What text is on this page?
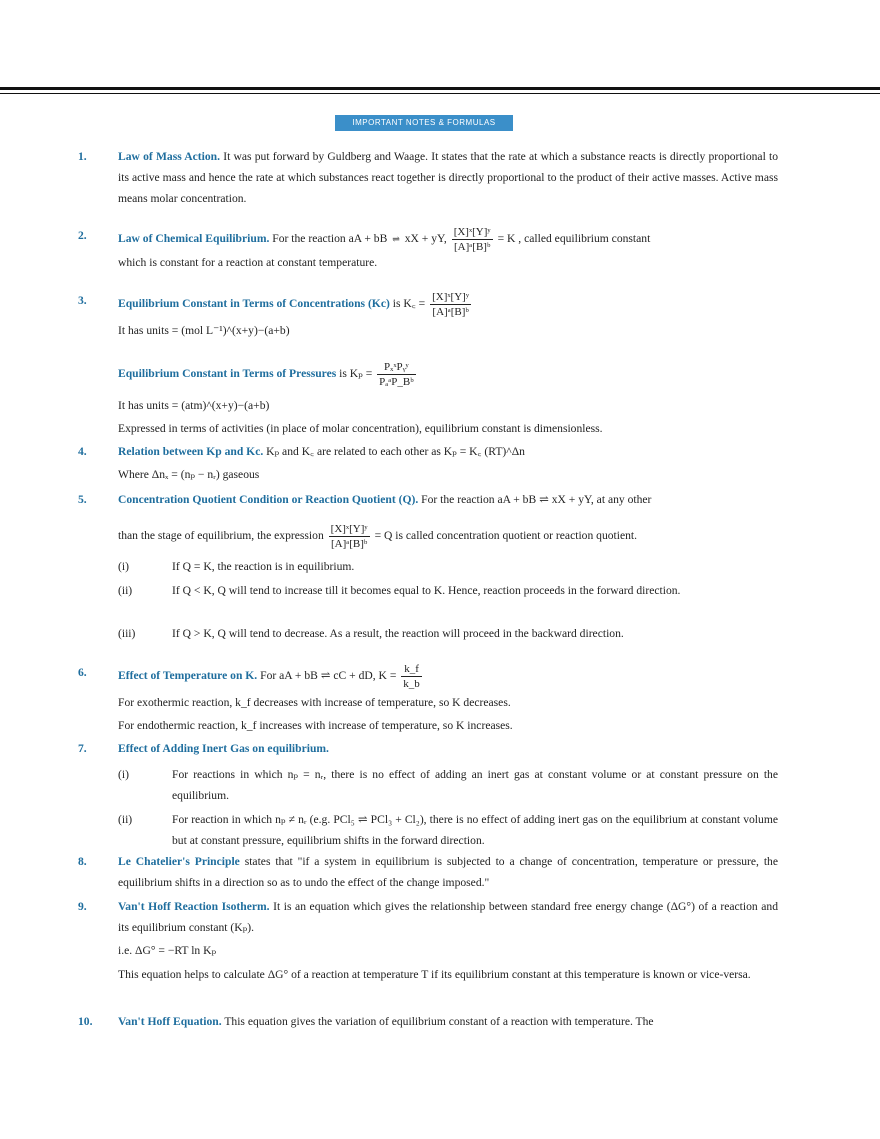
IMPORTANT NOTES & FORMULAS
1.	Law of Mass Action. It was put forward by Guldberg and Waage. It states that the rate at which a substance reacts is directly proportional to its active mass and hence the rate at which substances react together is directly proportional to the product of their active masses. Active mass means molar concentration.
2.	Law of Chemical Equilibrium. For the reaction aA + bB ⇌ xX + yY, $\frac{\text{[X]ˣ[Y]ʸ}}{\text{[A]ᵃ[B]ᵇ}} = K$ , called equilibrium constant
which is constant for a reaction at constant temperature.
3.	Equilibrium Constant in Terms of Concentrations (Kc) is K꜀ = $\frac{\text{[X]ˣ[Y]ʸ}}{\text{[A]ᵃ[B]ᵇ}}$
It has units = (mol L⁻¹)^(x+y)−(a+b)
Equilibrium Constant in Terms of Pressures is $K_p = \frac{\text{PₓˣPᵧʸ}}{\text{PₐᵃP\_Bᵇ}}$
It has units = (atm)^(x+y)−(a+b)
Expressed in terms of activities (in place of molar concentration), equilibrium constant is dimensionless.
4.	Relation between Kp and Kc. Kₚ and K꜀ are related to each other as Kₚ = K꜀ (RT)^Δn
Where Δnₓ = (nₚ − nᵣ) gaseous
5.	Concentration Quotient Condition or Reaction Quotient (Q). For the reaction aA + bB ⇌ xX + yY, at any other
than the stage of equilibrium, the expression $\frac{\text{[X]ˣ[Y]ʸ}}{\text{[A]ᵃ[B]ᵇ}} = Q$ is called concentration quotient or reaction quotient.
(i)	If Q = K, the reaction is in equilibrium.
(ii)	If Q < K, Q will tend to increase till it becomes equal to K. Hence, reaction proceeds in the forward direction.
(iii)	If Q > K, Q will tend to decrease. As a result, the reaction will proceed in the backward direction.
6.	Effect of Temperature on K. For aA + bB ⇌ cC + dD, $K = \frac{k\_f}{k\_b}$
For exothermic reaction, k_f decreases with increase of temperature, so K decreases.
For endothermic reaction, k_f increases with increase of temperature, so K increases.
7.	Effect of Adding Inert Gas on equilibrium.
(i)	For reactions in which nₚ = nᵣ, there is no effect of adding an inert gas at constant volume or at constant pressure on the equilibrium.
(ii)	For reaction in which nₚ ≠ nᵣ (e.g. PCl₅ ⇌ PCl₃ + Cl₂), there is no effect of adding inert gas on the equilibrium at constant volume but at constant pressure, equilibrium shifts in the forward direction.
8.	Le Chatelier's Principle states that "if a system in equilibrium is subjected to a change of concentration, temperature or pressure, the equilibrium shifts in a direction so as to undo the effect of the change imposed."
9.	Van't Hoff Reaction Isotherm. It is an equation which gives the relationship between standard free energy change (ΔG°) of a reaction and its equilibrium constant (Kₚ).
i.e. ΔG° = −RT ln Kₚ
This equation helps to calculate ΔG° of a reaction at temperature T if its equilibrium constant at this temperature is known or vice-versa.
10.	Van't Hoff Equation. This equation gives the variation of equilibrium constant of a reaction with temperature. The
